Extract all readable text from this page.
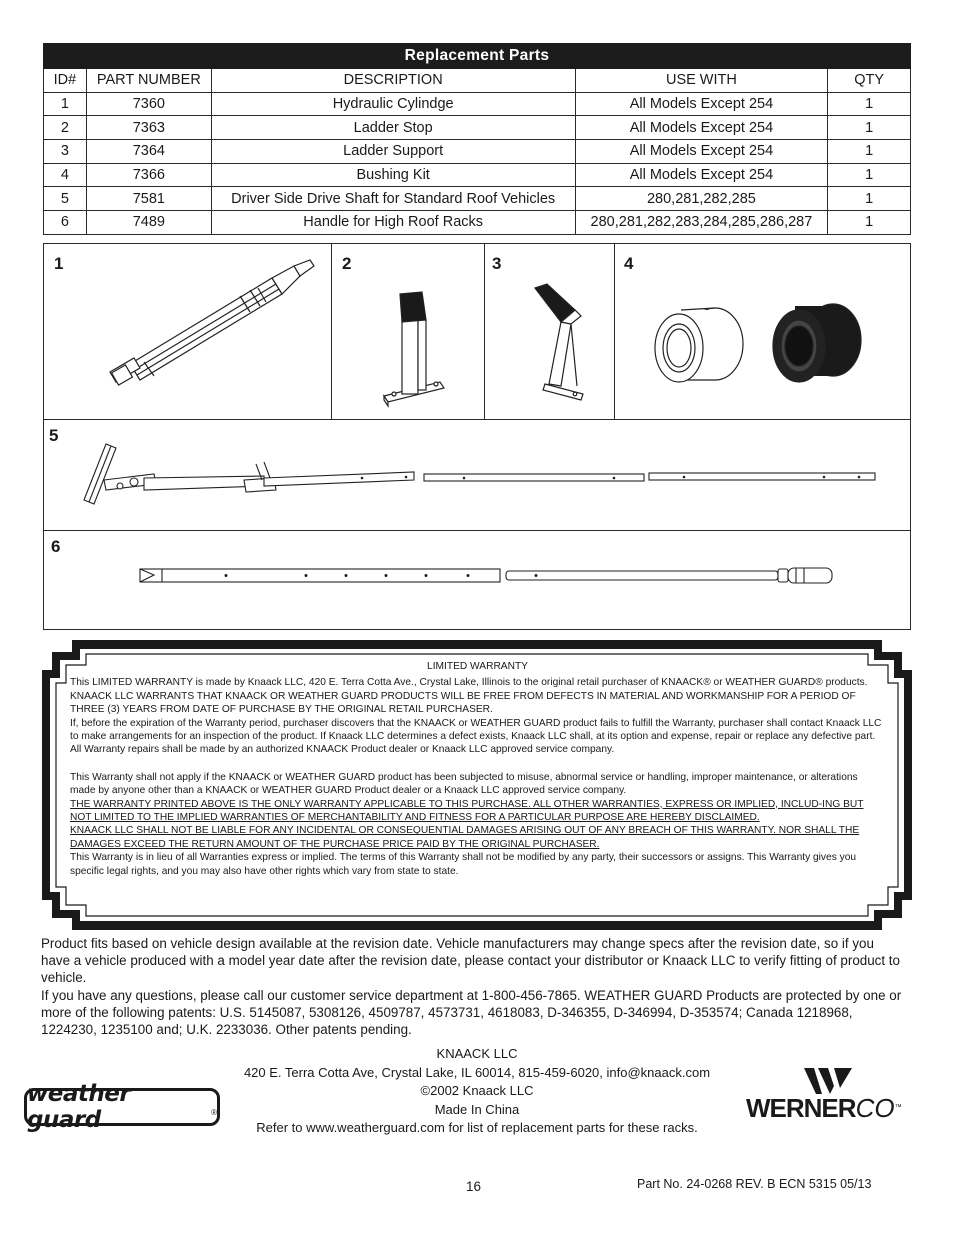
Replacement Parts				
ID#	PART NUMBER	DESCRIPTION	USE WITH	QTY
1	7360	Hydraulic Cylindge	All Models Except 254	1
2	7363	Ladder Stop	All Models Except 254	1
3	7364	Ladder Support	All Models Except 254	1
4	7366	Bushing Kit	All Models Except 254	1
5	7581	Driver Side Drive Shaft for Standard Roof Vehicles	280,281,282,285	1
6	7489	Handle for High Roof Racks	280,281,282,283,284,285,286,287	1
1	2	3	4
5
6

LIMITED WARRANTY

This LIMITED WARRANTY is made by Knaack LLC, 420 E. Terra Cotta Ave., Crystal Lake, Illinois to the original retail purchaser of KNAACK® or WEATHER GUARD® products.

KNAACK LLC WARRANTS THAT KNAACK OR WEATHER GUARD PRODUCTS WILL BE FREE FROM DEFECTS IN MATERIAL AND WORKMANSHIP FOR A PERIOD OF THREE (3) YEARS FROM DATE OF PURCHASE BY THE ORIGINAL RETAIL PURCHASER.

If, before the expiration of the Warranty period, purchaser discovers that the KNAACK or WEATHER GUARD product fails to fulfill the Warranty, purchaser shall contact Knaack LLC to make arrangements for an inspection of the product. If Knaack LLC determines a defect exists, Knaack LLC shall, at its option and expense, repair or replace any defective part. All Warranty repairs shall be made by an authorized KNAACK Product dealer or Knaack LLC approved service company.

This Warranty shall not apply if the KNAACK or WEATHER GUARD product has been subjected to misuse, abnormal service or handling, improper maintenance, or alterations made by anyone other than a KNAACK or WEATHER GUARD Product dealer or a Knaack LLC approved service company.

THE WARRANTY PRINTED ABOVE IS THE ONLY WARRANTY APPLICABLE TO THIS PURCHASE. ALL OTHER WARRANTIES, EXPRESS OR IMPLIED, INCLUD-ING BUT NOT LIMITED TO THE IMPLIED WARRANTIES OF MERCHANTABILITY AND FITNESS FOR A PARTICULAR PURPOSE ARE HEREBY DISCLAIMED.

KNAACK LLC SHALL NOT BE LIABLE FOR ANY INCIDENTAL OR CONSEQUENTIAL DAMAGES ARISING OUT OF ANY BREACH OF THIS WARRANTY. NOR SHALL THE DAMAGES EXCEED THE RETURN AMOUNT OF THE PURCHASE PRICE PAID BY THE ORIGINAL PURCHASER.

This Warranty is in lieu of all Warranties express or implied. The terms of this Warranty shall not be modified by any party, their successors or assigns. This Warranty gives you specific legal rights, and you may also have other rights which vary from state to state.

Product fits based on vehicle design available at the revision date. Vehicle manufacturers may change specs after the revision date, so if you have a vehicle produced with a model year date after the revision date, please contact your distributor or Knaack LLC to verify fitting of product to vehicle.

If you have any questions, please call our customer service department at 1-800-456-7865. WEATHER GUARD Products are protected by one or more of the following patents: U.S. 5145087, 5308126, 4509787, 4573731, 4618083, D-346355, D-346994, D-353574; Canada 1218968, 1224230, 1235100 and; U.K. 2233036. Other patents pending.

KNAACK LLC

420 E. Terra Cotta Ave, Crystal Lake, IL 60014, 815-459-6020, info@knaack.com

©2002 Knaack LLC

Made In China

Refer to www.weatherguard.com for list of replacement parts for these racks.

weather guard	®	WERNERCO™

16	Part No. 24-0268 REV. B ECN 5315 05/13
